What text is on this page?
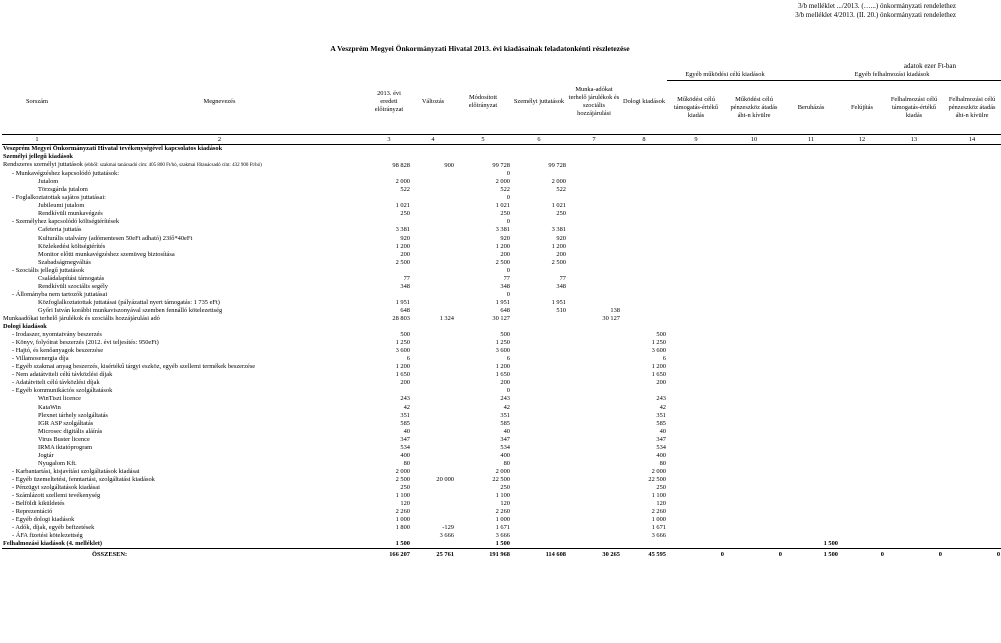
3/b melléklet .../2013. (…...) önkormányzati rendelethez
3/b melléklet 4/2013. (II. 20.) önkormányzati rendelethez
A Veszprém Megyei Önkormányzati Hivatal 2013. évi kiadásainak feladatonkénti részletezése
adatok ezer Ft-ban
Sorszám	Megnevezés	2013. évi eredeti előirányzat	Változás	Módosított előirányzat	Személyi juttatások	Munka-adókat terhelő járulékok és szociális hozzájárulási	Dologi kiadások	Egyéb működési célú kiadások		Egyéb felhalmozási kiadások			
								Működési célú támogatás-értékű kiadás	Működési célú pénzeszköz átadás áht-n kívülre	Beruházás	Felújítás	Felhalmozási célú támogatás-értékű kiadás	Felhalmozási célú pénzeszköz átadás áht-n kívülre
1	2	3	4	5	6	7	8	9	10	11	12	13	14
Veszprém Megyei Önkormányzati Hivatal tevékenységével kapcsolatos kiadások													
Személyi jellegű kiadások													
Rendszeres személyi juttatások (ebből: szakmai tanácsadó cím: 405 800 Ft/hó, szakmai főtanácsadó cím: 432 900 Ft/hó)		98 828	900	99 728	99 728								
- Munkavégzéshez kapcsolódó juttatások:				0									
Jutalom		2 000		2 000	2 000								
Törzsgárda jutalom		522		522	522								
- Foglalkoztatottak sajátos juttatásai:				0									
Jubileumi jutalom		1 021		1 021	1 021								
Rendkívüli munkavégzés		250		250	250								
- Személyhez kapcsolódó költségtérítések				0									
Cafeteria juttatás		3 381		3 381	3 381								
Kulturális utalvány (adómentesen 50eFt adható) 23fő*40eFt		920		920	920								
Közlekedési költségtérítés		1 200		1 200	1 200								
Monitor előtti munkavégzéshez szemüveg biztosítása		200		200	200								
Szabadságmegváltás		2 500		2 500	2 500								
- Szociális jellegű juttatások				0									
Családalapítási támogatás		77		77	77								
Rendkívüli szociális segély		348		348	348								
- Állományba nem tartozók juttatásai				0									
Közfoglalkoztatottak juttatásai (pályázattal nyert támogatás: 1 735 eFt)		1 951		1 951	1 951								
Győri István korábbi munkaviszonyával szemben fennálló kötelezettség		648		648	510	138							
Munkaadókat terhelő járulékok és szociális hozzájárulási adó		28 803	1 324	30 127		30 127							
Dologi kiadások													
- Irodaszer, nyomtatvány beszerzés		500		500			500						
- Könyv, folyóirat beszerzés (2012. évi teljesítés: 950eFt)		1 250		1 250			1 250						
- Hajtó, és kenőanyagok beszerzése		3 600		3 600			3 600						
- Villamosenergia díja		6		6			6						
- Egyéb szakmai anyag beszerzés, kisértékű tárgyi eszköz, egyéb szellemi termékek beszerzése		1 200		1 200			1 200						
- Nem adatátviteli célú távközlési díjak		1 650		1 650			1 650						
- Adatátviteli célú távközlési díjak		200		200			200						
- Egyéb kommunikációs szolgáltatások				0									
WinTiszt licence		243		243			243						
KataWin		42		42			42						
Plexnet tárhely szolgáltatás		351		351			351						
IGR ASP szolgáltatás		585		585			585						
Microsec digitális aláírás		40		40			40						
Virus Buster licence		347		347			347						
IRMA iktatóprogram		534		534			534						
Jogtár		400		400			400						
Nyugalom Kft.		80		80			80						
- Karbantartási, kisjavítási szolgáltatások kiadásai		2 000		2 000			2 000						
- Egyéb üzemeltetési, fenntartási, szolgáltatási kiadások		2 500	20 000	22 500			22 500						
- Pénzügyi szolgáltatások kiadásai		250		250			250						
- Számlázott szellemi tevékenység		1 100		1 100			1 100						
- Belföldi kiküldetés		120		120			120						
- Reprezentáció		2 260		2 260			2 260						
- Egyéb dologi kiadások		1 000		1 000			1 000						
- Adók, díjak, egyéb befizetések		1 800	-129	1 671			1 671						
- ÁFA fizetési kötelezettség			3 666	3 666			3 666						
Felhalmozási kiadások (4. melléklet)		1 500		1 500						1 500			
ÖSSZESEN:		166 207	25 761	191 968	114 608	30 265	45 595	0	0	1 500	0	0	0
